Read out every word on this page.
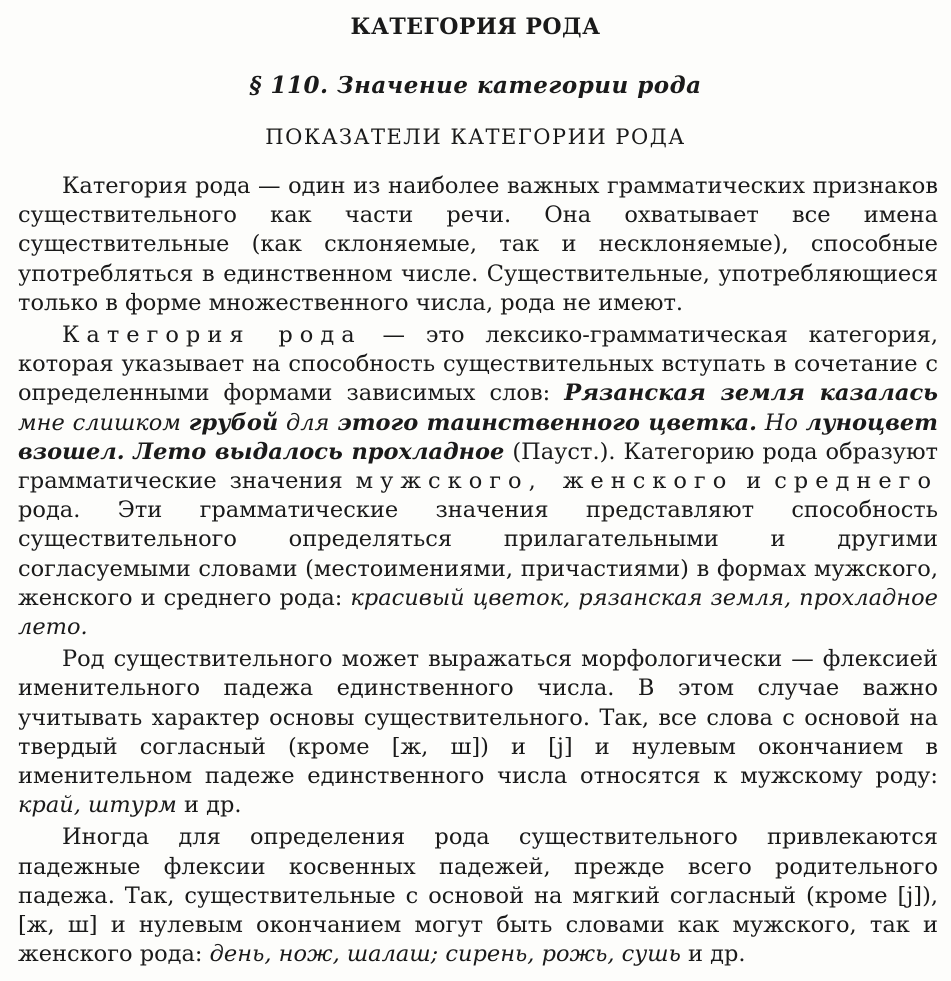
КАТЕГОРИЯ РОДА
§ 110. Значение категории рода
ПОКАЗАТЕЛИ КАТЕГОРИИ РОДА

Категория рода — один из наиболее важных грамматических признаков существительного как части речи. Она охватывает все имена существительные (как склоняемые, так и несклоняемые), способные употребляться в единственном числе. Существительные, употребляющиеся только в форме множественного числа, рода не имеют.

Категория рода — это лексико-грамматическая категория, которая указывает на способность существительных вступать в сочетание с определенными формами зависимых слов: Рязанская земля казалась мне слишком грубой для этого таинственного цветка. Но луноцвет взошел. Лето выдалось прохладное (Пауст.). Категорию рода образуют грамматические значения мужского, женского и среднего рода. Эти грамматические значения представляют способность существительного определяться прилагательными и другими согласуемыми словами (местоимениями, причастиями) в формах мужского, женского и среднего рода: красивый цветок, рязанская земля, прохладное лето.

Род существительного может выражаться морфологически — флексией именительного падежа единственного числа. В этом случае важно учитывать характер основы существительного. Так, все слова с основой на твердый согласный (кроме [ж, ш]) и [j] и нулевым окончанием в именительном падеже единственного числа относятся к мужскому роду: край, штурм и др.

Иногда для определения рода существительного привлекаются падежные флексии косвенных падежей, прежде всего родительного падежа. Так, существительные с основой на мягкий согласный (кроме [j]), [ж, ш] и нулевым окончанием могут быть словами как мужского, так и женского рода: день, нож, шалаш; сирень, рожь, сушь и др.
